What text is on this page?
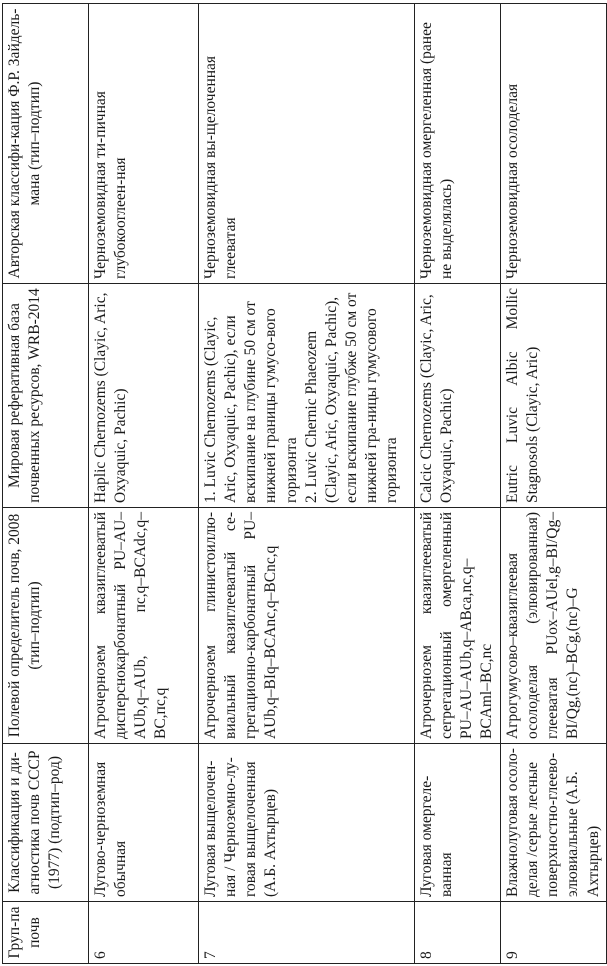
Груп-па почв	Классификация и ди-агностика почв СССР (1977) (подтип–род)	Полевой определитель почв, 2008 (тип–подтип)	Мировая реферативная база почвенных ресурсов, WRB-2014	Авторская классифи-кация Ф.Р. Зайдель-мана (тип–подтип)
6	Лугово-черноземная обычная	Агрочернозем квазиглееватый дисперснокарбонатный PU–AU–AUb,q–AUb, пс,q–BCAdc,q–BC,пс,q	Haplic Chernozems (Clayic, Aric, Oxyaquic, Pachic)	Черноземовидная ти-пичная глубокооглеен-ная
7	Луговая выщелочен-ная / Черноземно-лу-говая выщелоченная (А.Б. Ахтырцев)	Агрочернозем глинистоиллю-виальный квазиглееватый се-грегационно-карбонатный PU–AUb,q–BIq–BCAnc,q–BCnc,q	1. Luvic Chernozems (Clayic, Aric, Oxyaquic, Pachic), если вскипание на глубине 50 см от нижней границы гумусо-вого горизонта 2. Luvic Chernic Phaeozem (Clayic, Aric, Oxyaquic, Pachic), если вскипание глубже 50 см от нижней гра-ницы гумусового горизонта	Черноземовидная вы-щелоченная глееватая
8	Луговая омергеле-ванная	Агрочернозем квазиглееватый сегрегационный омергеленный PU–AU–AUb,q–ABca,nc,q–BCAml–BC,nc	Calcic Chernozems (Clayic, Aric, Oxyaquic, Pachic)	Черноземовидная омергеленная (ранее не выделялась)
9	Влажнолуговая осоло-делая /серые лесные поверхностно-глеево-элювиальные (А.Б. Ахтырцев)	Агрогумусово–квазиглеевая осолоделая (элювированная) глееватая PUox–AUel,g–BI/Qg–BI/Qg,(nc)–BCg,(nc)–G	Eutric Luvic Albic Mollic Stagnosols (Clayic, Aric)	Черноземовидная осолоделая
